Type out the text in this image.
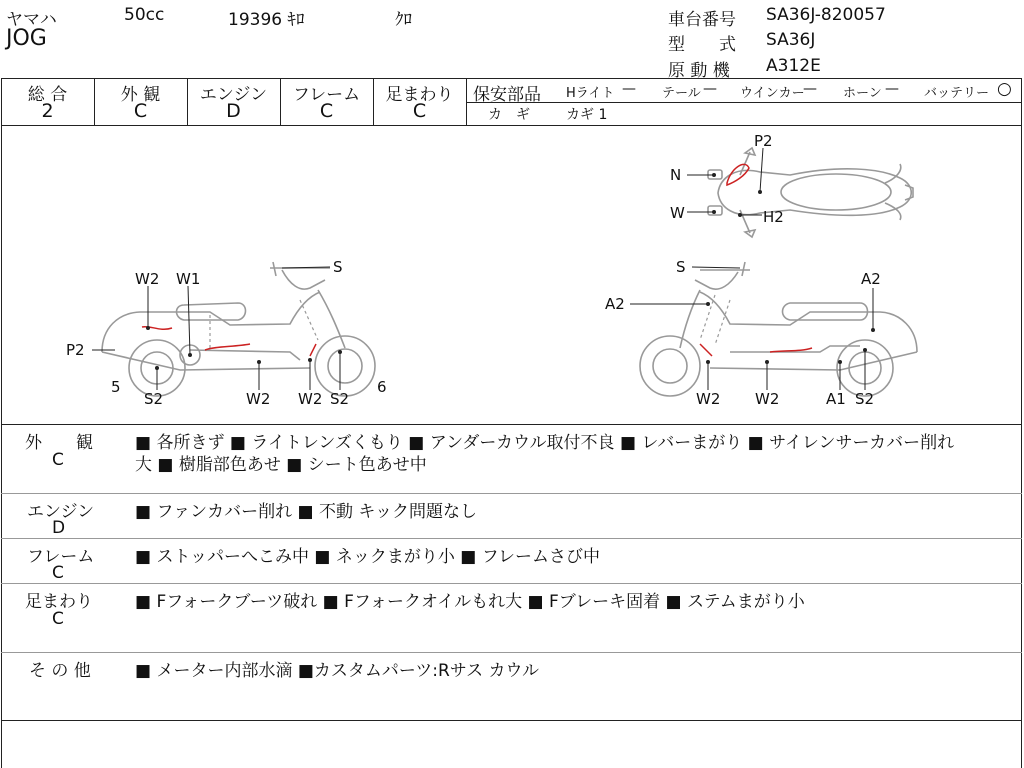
ヤマハ	50cc	19396 ｷﾛ	ｸﾛ
JOG
車台番号 SA36J-820057
型　　式 SA36J
原 動 機 A312E
総 合	外 観	エンジン	フレーム	足まわり
2	C	D	C	C
保安部品 Hライト — テール — ウインカー
— ホーン — バッテリー ○
カ　ギ	カギ 1
P2
N
W	H2
W2 W1
S
P2
5
S2	W2 W2 S2
6
S
A2
A2
W2 W2	A1 S2
外　　観
C
■ 各所きず ■ ライトレンズくもり ■ アンダーカウル取付不良 ■ レバーまがり ■ サイレンサーカバー削れ
大 ■ 樹脂部色あせ ■ シート色あせ中
エンジン
D
■ ファンカバー削れ ■ 不動 キック問題なし
フレーム
C
■ ストッパーへこみ中 ■ ネックまがり小 ■ フレームさび中
足まわり
C
■ Fフォークブーツ破れ ■ Fフォークオイルもれ大 ■ Fブレーキ固着 ■ ステムまがり小
そ の 他	■ メーター内部水滴 ■カスタムパーツ:Rサス カウル
